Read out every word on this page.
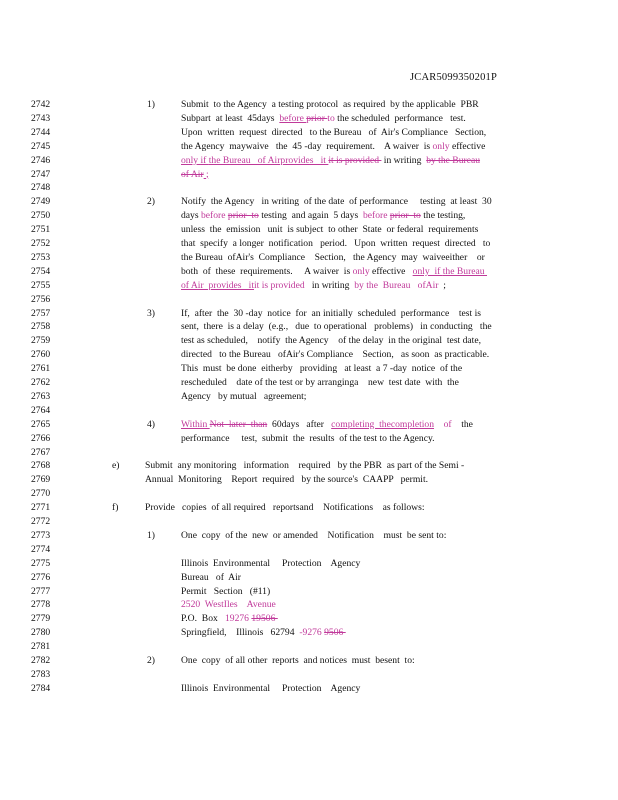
JCAR5099350201P
2742	1)	Submit  to the Agency  a testing protocol  as required  by the applicable  PBR
2743	Subpart  at least  45days  before prior to the scheduled  performance   test.
2744	Upon  written  request  directed   to the Bureau   of  Air's Compliance   Section,
2745	the Agency  maywaive   the  45 -day  requirement.    A waiver  is only effective
2746	only if the Bureau   of Airprovides   it it is provided  in writing  by the Bureau
2747	of Air ;
2748
2749	2)	Notify  the Agency   in writing  of the date  of performance     testing  at least  30
2750	days before prior  to testing  and again  5 days  before prior  to the testing,
2751	unless  the  emission   unit  is subject  to other  State  or federal  requirements
2752	that  specify  a longer  notification   period.   Upon  written  request  directed   to
2753	the Bureau  ofAir's  Compliance    Section,   the Agency  may  waiveeither    or
2754	both  of  these  requirements.     A waiver  is only effective   only  if the Bureau
2755	of Air  provides   itit is provided   in writing  by the  Bureau   ofAir  ;
2756
2757	3)	If,  after  the  30 -day  notice  for  an initially  scheduled  performance    test is
2758	sent,  there  is a delay  (e.g.,   due  to operational   problems)   in conducting   the
2759	test as scheduled,    notify  the Agency    of the delay  in the original  test date,
2760	directed   to the Bureau   ofAir's Compliance    Section,   as soon  as practicable.
2761	This  must  be done  eitherby   providing   at least  a 7 -day  notice  of the
2762	rescheduled    date of the test or by arranginga    new  test date  with  the
2763	Agency   by mutual   agreement;
2764
2765	4)	Within Not  later  than  60days   after   completing  thecompletion of    the
2766	performance     test,  submit  the  results  of the test to the Agency.
2767
2768	e)	Submit  any monitoring   information    required   by the PBR  as part of the Semi -
2769	Annual  Monitoring    Report  required   by the source's  CAAPP   permit.
2770
2771	f)	Provide   copies  of all required   reportsand    Notifications    as follows:
2772
2773	1)	One  copy  of the  new  or amended    Notification    must  be sent to:
2774
2775	Illinois  Environmental     Protection    Agency
2776	Bureau   of  Air
2777	Permit   Section   (#11)
2778	2520  WestIles    Avenue
2779	P.O.  Box   19276 19506
2780	Springfield,    Illinois   62794  -9276 9506
2781
2782	2)	One  copy  of all other  reports  and notices  must  besent  to:
2783
2784	Illinois  Environmental     Protection    Agency
